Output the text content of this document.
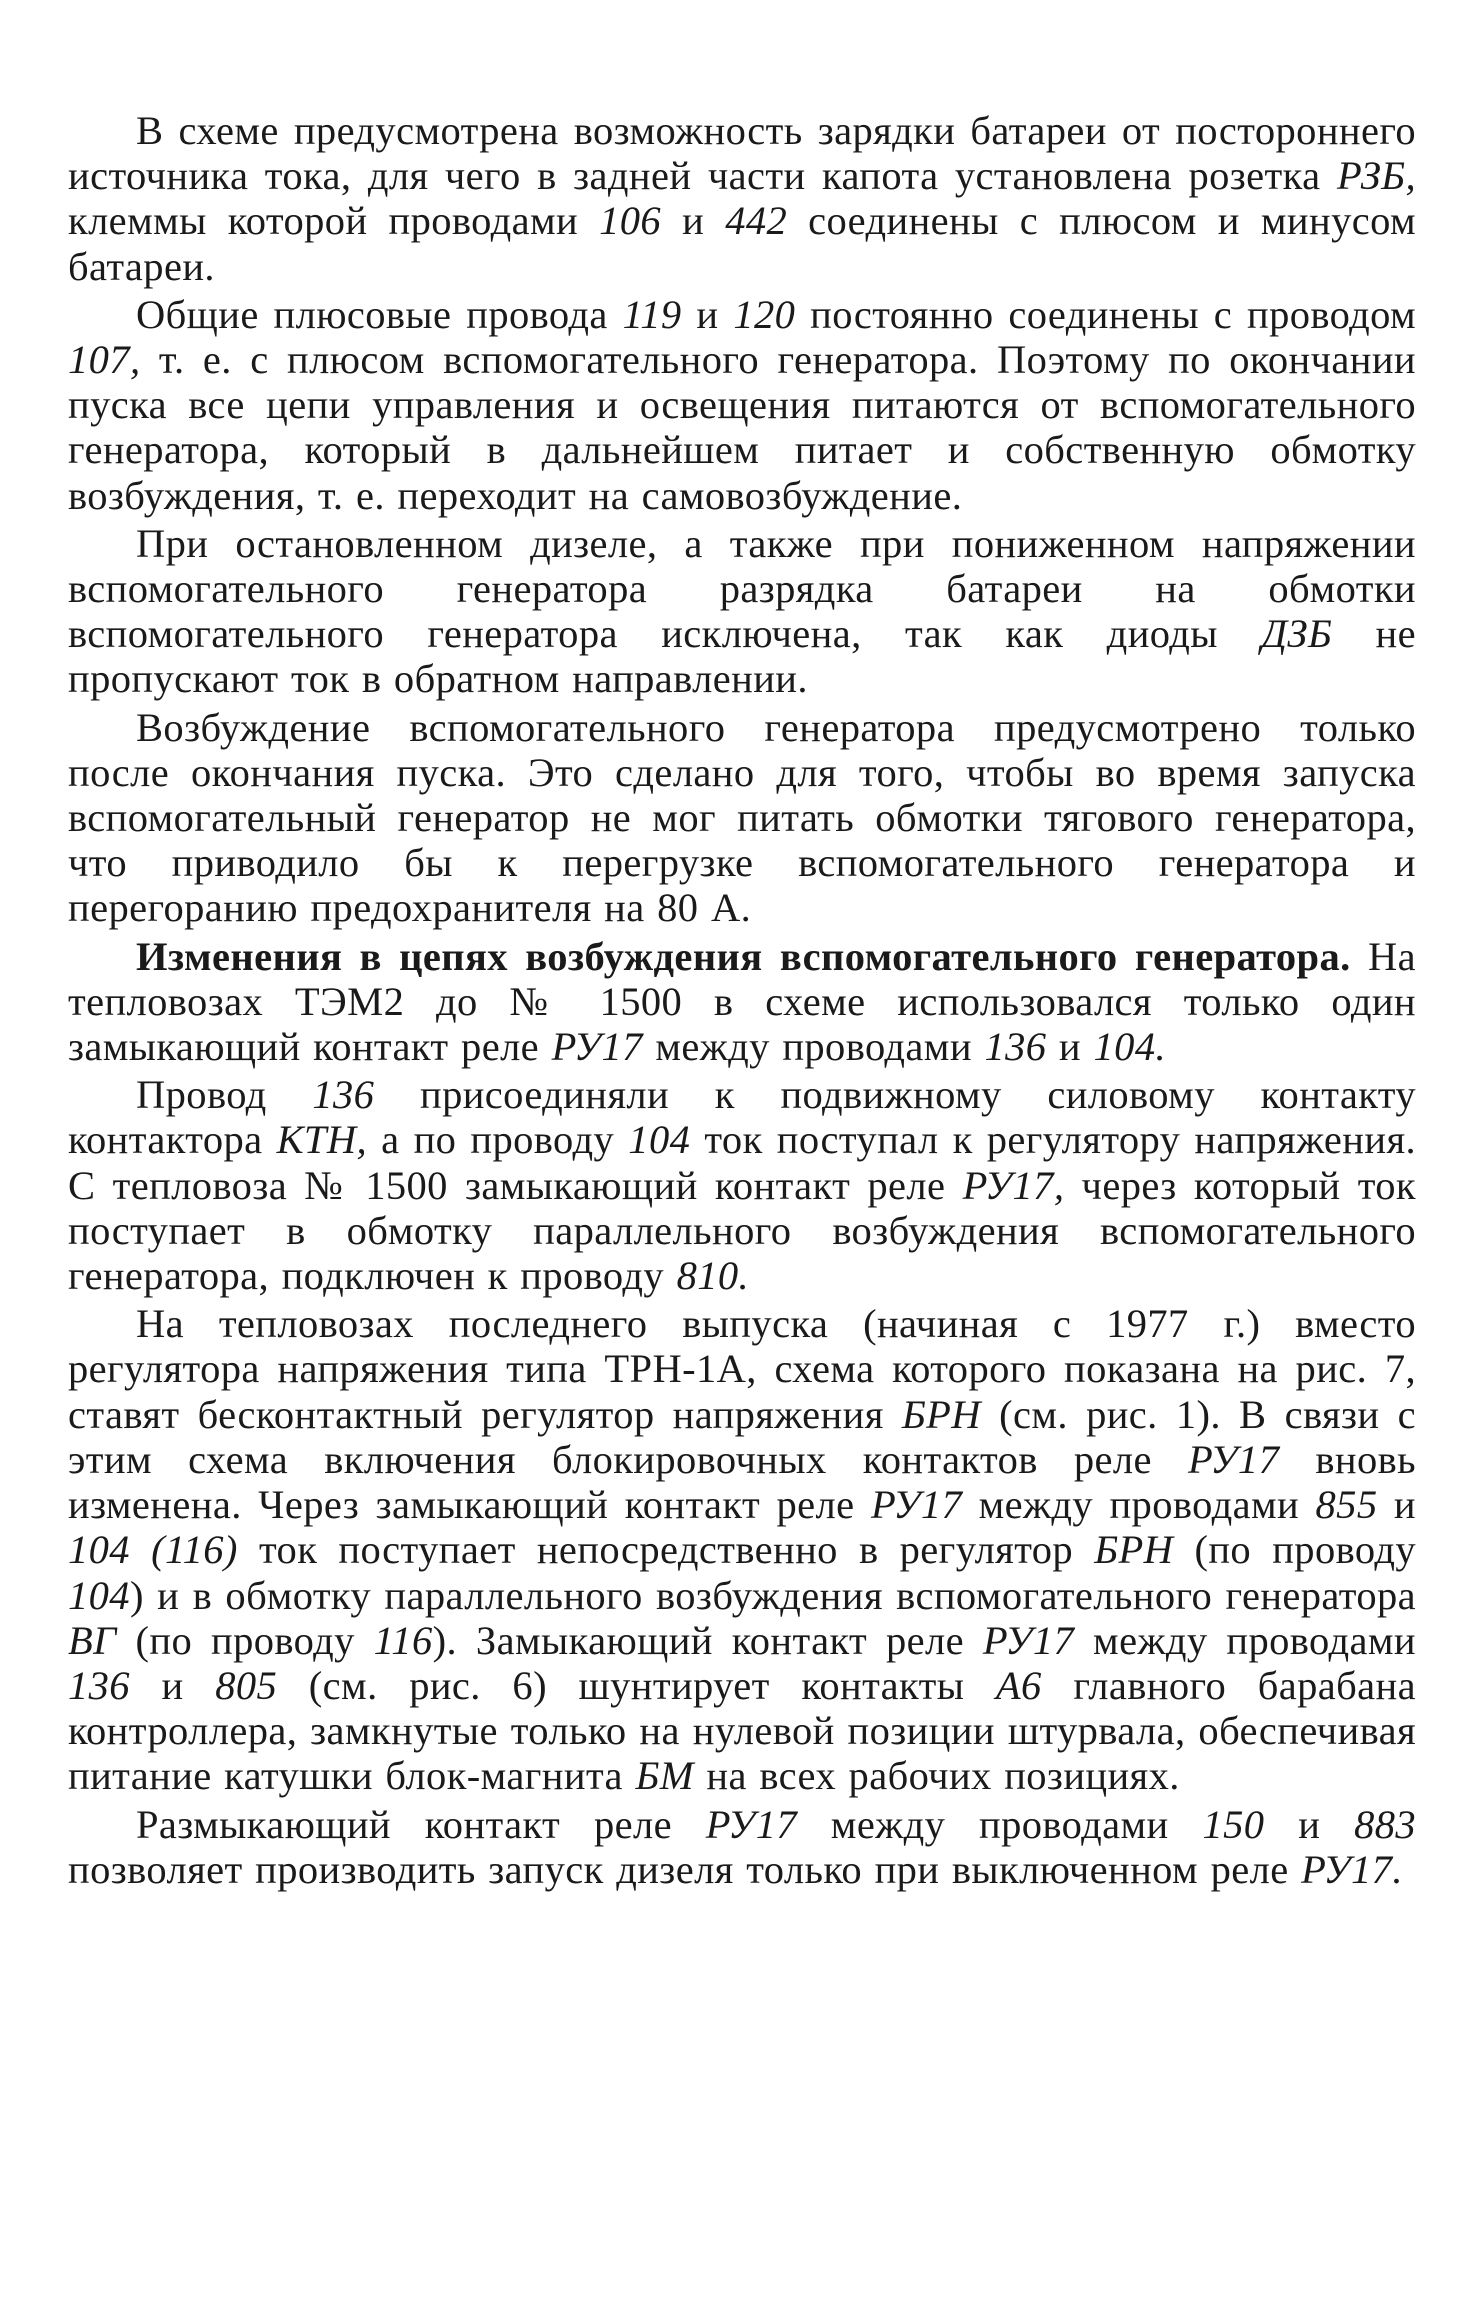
В схеме предусмотрена возможность зарядки батареи от постороннего источника тока, для чего в задней части капота установлена розетка РЗБ, клеммы которой проводами 106 и 442 соединены с плюсом и минусом батареи.

Общие плюсовые провода 119 и 120 постоянно соединены с проводом 107, т. е. с плюсом вспомогательного генератора. Поэтому по окончании пуска все цепи управления и освещения питаются от вспомогательного генератора, который в дальнейшем питает и собственную обмотку возбуждения, т. е. переходит на самовозбуждение.

При остановленном дизеле, а также при пониженном напряжении вспомогательного генератора разрядка батареи на обмотки вспомогательного генератора исключена, так как диоды ДЗБ не пропускают ток в обратном направлении.

Возбуждение вспомогательного генератора предусмотрено только после окончания пуска. Это сделано для того, чтобы во время запуска вспомогательный генератор не мог питать обмотки тягового генератора, что приводило бы к перегрузке вспомогательного генератора и перегоранию предохранителя на 80 А.

Изменения в цепях возбуждения вспомогательного генератора. На тепловозах ТЭМ2 до № 1500 в схеме использовался только один замыкающий контакт реле РУ17 между проводами 136 и 104.

Провод 136 присоединяли к подвижному силовому контакту контактора КТН, а по проводу 104 ток поступал к регулятору напряжения. С тепловоза № 1500 замыкающий контакт реле РУ17, через который ток поступает в обмотку параллельного возбуждения вспомогательного генератора, подключен к проводу 810.

На тепловозах последнего выпуска (начиная с 1977 г.) вместо регулятора напряжения типа ТРН-1А, схема которого показана на рис. 7, ставят бесконтактный регулятор напряжения БРН (см. рис. 1). В связи с этим схема включения блокировочных контактов реле РУ17 вновь изменена. Через замыкающий контакт реле РУ17 между проводами 855 и 104 (116) ток поступает непосредственно в регулятор БРН (по проводу 104) и в обмотку параллельного возбуждения вспомогательного генератора ВГ (по проводу 116). Замыкающий контакт реле РУ17 между проводами 136 и 805 (см. рис. 6) шунтирует контакты А6 главного барабана контроллера, замкнутые только на нулевой позиции штурвала, обеспечивая питание катушки блок-магнита БМ на всех рабочих позициях.

Размыкающий контакт реле РУ17 между проводами 150 и 883 позволяет производить запуск дизеля только при выключенном реле РУ17.
